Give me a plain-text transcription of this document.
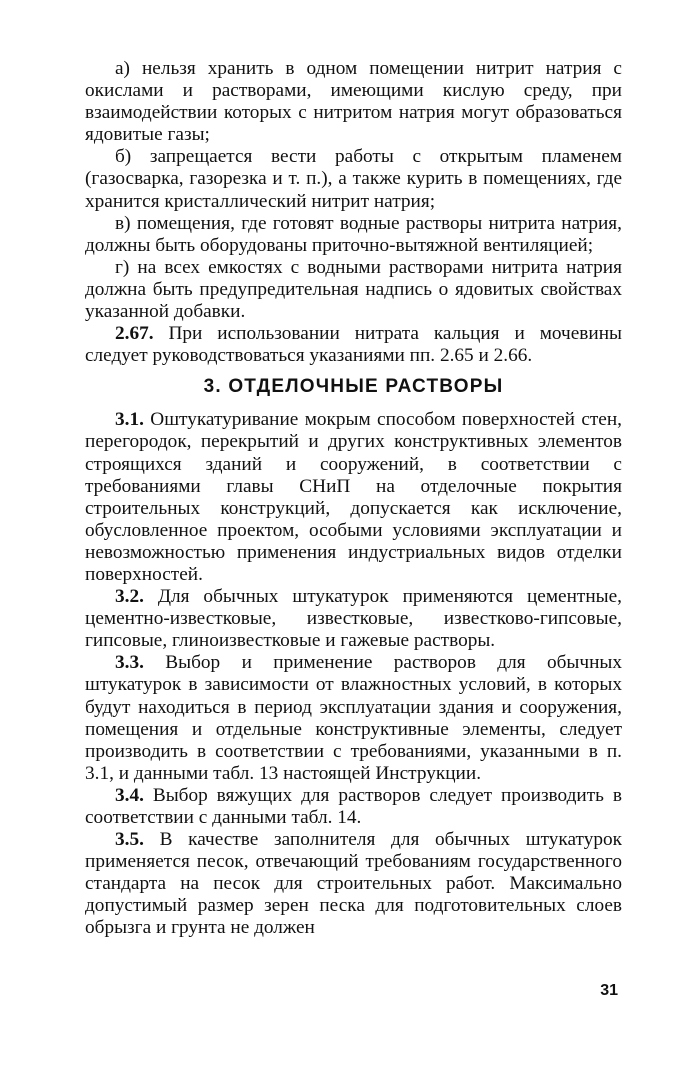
а) нельзя хранить в одном помещении нитрит натрия с окислами и растворами, имеющими кислую среду, при взаимодействии которых с нитритом натрия могут образоваться ядовитые газы;

б) запрещается вести работы с открытым пламенем (газосварка, газорезка и т. п.), а также курить в помещениях, где хранится кристаллический нитрит натрия;

в) помещения, где готовят водные растворы нитрита натрия, должны быть оборудованы приточно-вытяжной вентиляцией;

г) на всех емкостях с водными растворами нитрита натрия должна быть предупредительная надпись о ядовитых свойствах указанной добавки.

2.67. При использовании нитрата кальция и мочевины следует руководствоваться указаниями пп. 2.65 и 2.66.

3. ОТДЕЛОЧНЫЕ РАСТВОРЫ

3.1. Оштукатуривание мокрым способом поверхностей стен, перегородок, перекрытий и других конструктивных элементов строящихся зданий и сооружений, в соответствии с требованиями главы СНиП на отделочные покрытия строительных конструкций, допускается как исключение, обусловленное проектом, особыми условиями эксплуатации и невозможностью применения индустриальных видов отделки поверхностей.

3.2. Для обычных штукатурок применяются цементные, цементно-известковые, известковые, известково-гипсовые, гипсовые, глиноизвестковые и гажевые растворы.

3.3. Выбор и применение растворов для обычных штукатурок в зависимости от влажностных условий, в которых будут находиться в период эксплуатации здания и сооружения, помещения и отдельные конструктивные элементы, следует производить в соответствии с требованиями, указанными в п. 3.1, и данными табл. 13 настоящей Инструкции.

3.4. Выбор вяжущих для растворов следует производить в соответствии с данными табл. 14.

3.5. В качестве заполнителя для обычных штукатурок применяется песок, отвечающий требованиям государственного стандарта на песок для строительных работ. Максимально допустимый размер зерен песка для подготовительных слоев обрызга и грунта не должен

31
